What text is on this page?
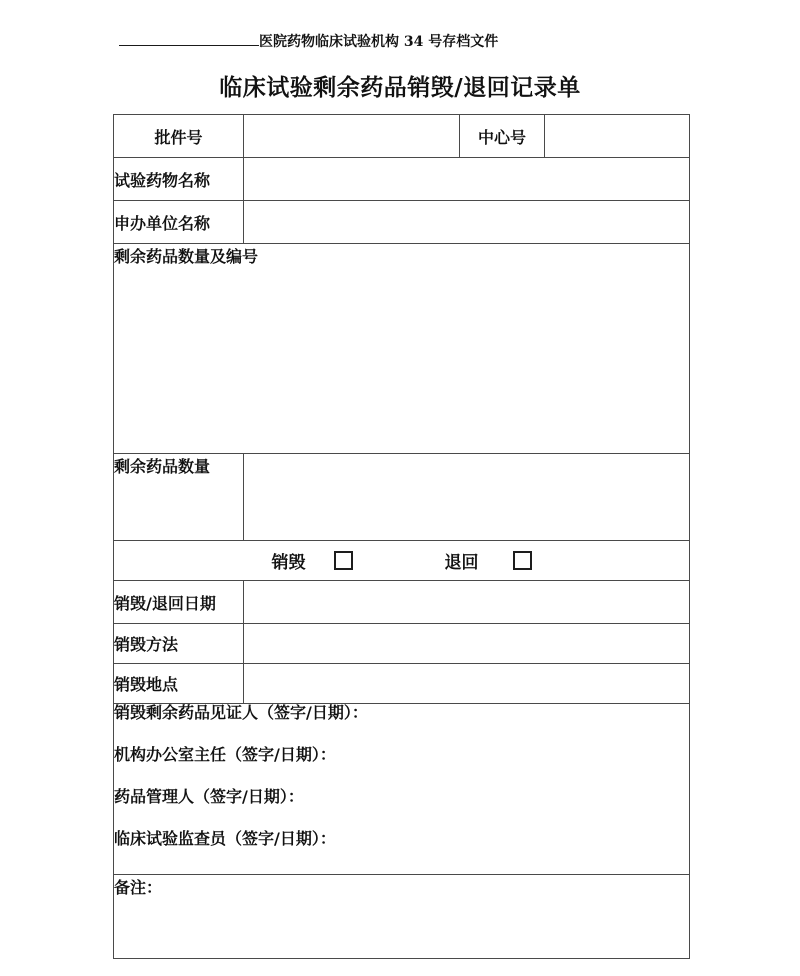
医院药物临床试验机构 34 号存档文件
临床试验剩余药品销毁/退回记录单
批件号		中心号	
试验药物名称			
申办单位名称			
剩余药品数量及编号			
剩余药品数量			

销毁 退回			

销毁/退回日期			
销毁方法			
销毁地点			

销毁剩余药品见证人（签字/日期）：
机构办公室主任（签字/日期）：
药品管理人（签字/日期）：
临床试验监查员（签字/日期）：			

备注：			
